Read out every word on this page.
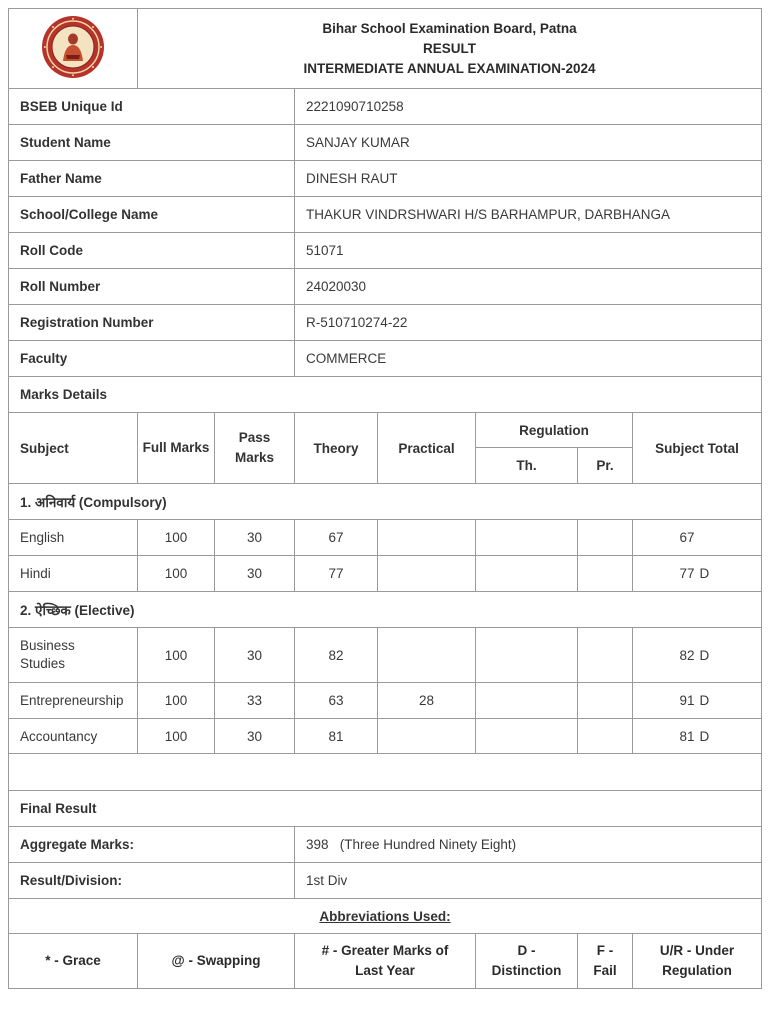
Bihar School Examination Board, Patna
RESULT
INTERMEDIATE ANNUAL EXAMINATION-2024						

BSEB Unique Id			2221090710258				
Student Name			SANJAY KUMAR				
Father Name			DINESH RAUT				
School/College Name			THAKUR VINDRSHWARI H/S BARHAMPUR, DARBHANGA				
Roll Code			51071				
Roll Number			24020030				
Registration Number			R-510710274-22				
Faculty			COMMERCE				
Marks Details							
Subject	Full Marks	Pass Marks	Theory	Practical	Regulation		Subject Total
					Th.	Pr.	
1. अनिवार्य (Compulsory)							
English	100	30	67				67
Hindi	100	30	77				77 D
2. ऐच्छिक (Elective)							
Business Studies	100	30	82				82 D
Entrepreneurship	100	33	63	28			91 D
Accountancy	100	30	81				81 D

Final Result							
Aggregate Marks:			398   (Three Hundred Ninety Eight)				
Result/Division:			1st Div				
Abbreviations Used:							
* - Grace	@ - Swapping		# - Greater Marks of Last Year		D - Distinction	F - Fail	U/R - Under Regulation
